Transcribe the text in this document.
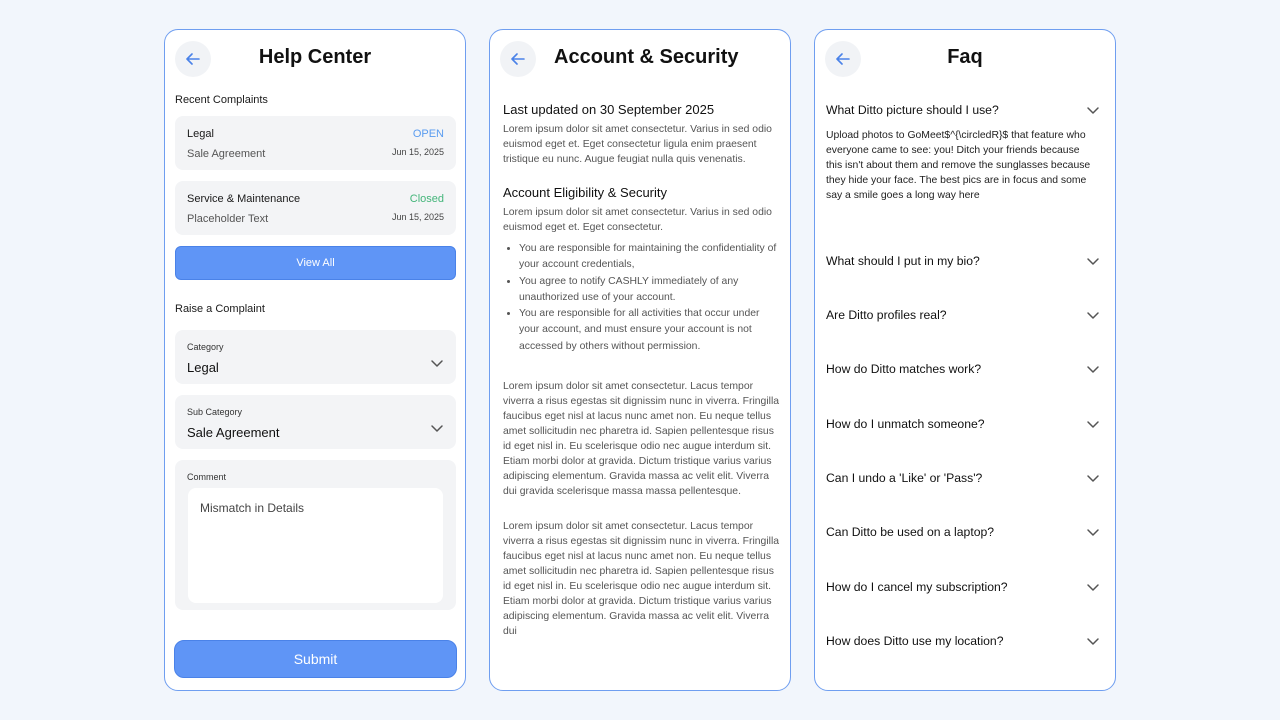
Help Center
Recent Complaints
Legal
Sale Agreement
OPEN
Jun 15, 2025
Service & Maintenance
Placeholder Text
Closed
Jun 15, 2025
View All
Raise a Complaint
Category
Legal
Sub Category
Sale Agreement
Comment
Mismatch in Details
Submit
Account & Security
Last updated on 30 September 2025

Lorem ipsum dolor sit amet consectetur. Varius in sed odio euismod eget et. Eget consectetur ligula enim praesent tristique eu nunc. Augue feugiat nulla quis venenatis.

Account Eligibility & Security

Lorem ipsum dolor sit amet consectetur. Varius in sed odio euismod eget et. Eget consectetur.

• You are responsible for maintaining the confidentiality of your account credentials,
• You agree to notify CASHLY immediately of any unauthorized use of your account.
• You are responsible for all activities that occur under your account, and must ensure your account is not accessed by others without permission.

Lorem ipsum dolor sit amet consectetur. Lacus tempor viverra a risus egestas sit dignissim nunc in viverra. Fringilla faucibus eget nisl at lacus nunc amet non. Eu neque tellus amet sollicitudin nec pharetra id. Sapien pellentesque risus id eget nisl in. Eu scelerisque odio nec augue interdum sit. Etiam morbi dolor at gravida. Dictum tristique varius varius adipiscing elementum. Gravida massa ac velit elit. Viverra dui gravida scelerisque massa massa pellentesque.

Lorem ipsum dolor sit amet consectetur. Lacus tempor viverra a risus egestas sit dignissim nunc in viverra. Fringilla faucibus eget nisl at lacus nunc amet non. Eu neque tellus amet sollicitudin nec pharetra id. Sapien pellentesque risus id eget nisl in. Eu scelerisque odio nec augue interdum sit. Etiam morbi dolor at gravida. Dictum tristique varius varius adipiscing elementum. Gravida massa ac velit elit. Viverra dui

Faq
What Ditto picture should I use?
Upload photos to GoMeet$^{\circledR}$ that feature who everyone came to see: you! Ditch your friends because this isn't about them and remove the sunglasses because they hide your face. The best pics are in focus and some say a smile goes a long way here
What should I put in my bio?
Are Ditto profiles real?
How do Ditto matches work?
How do I unmatch someone?
Can I undo a 'Like' or 'Pass'?
Can Ditto be used on a laptop?
How do I cancel my subscription?
How does Ditto use my location?
